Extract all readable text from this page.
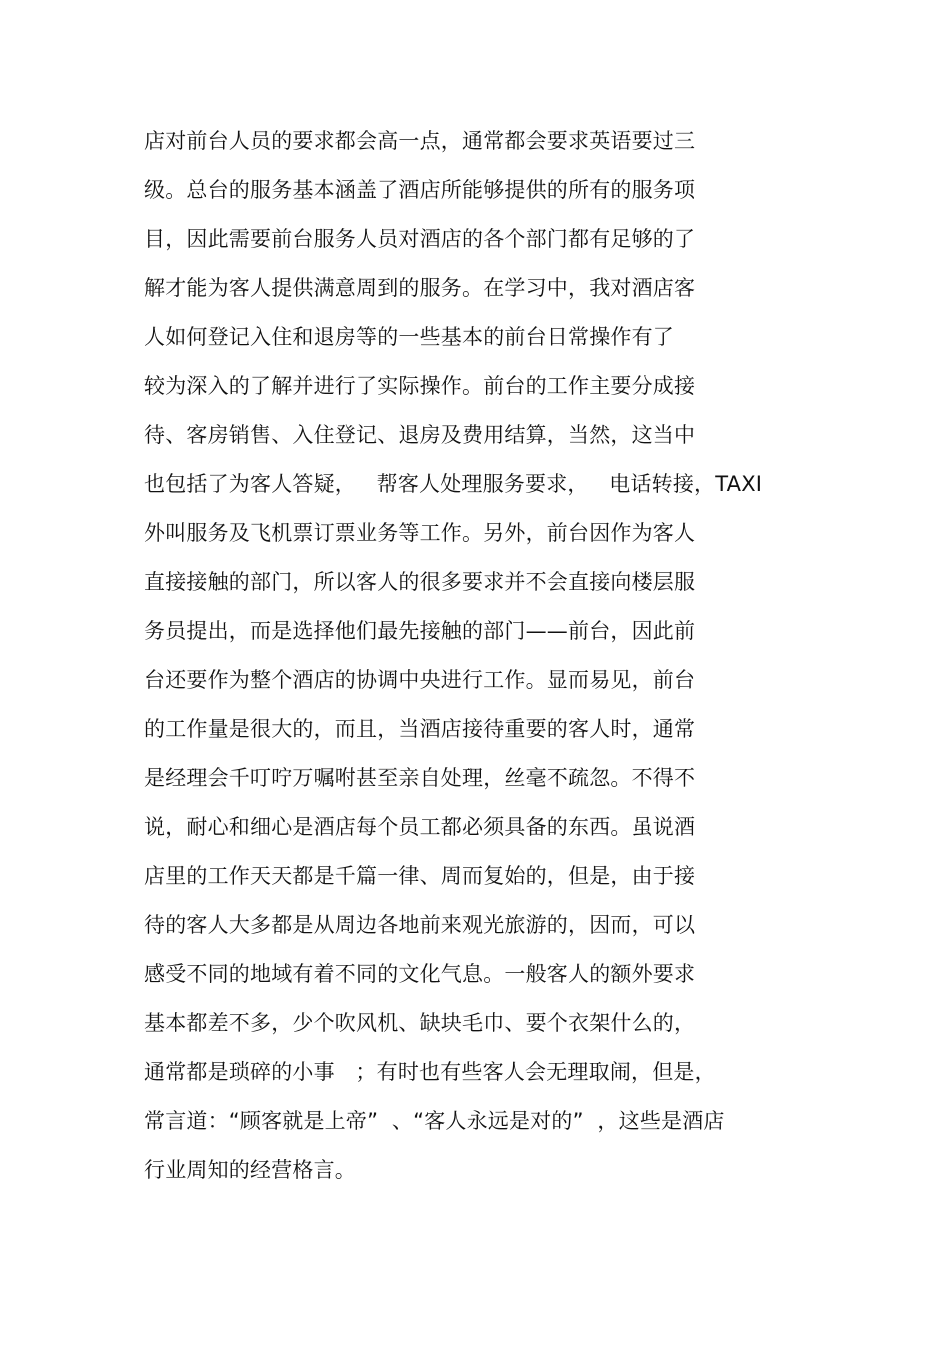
店对前台人员的要求都会高一点，通常都会要求英语要过三
级。总台的服务基本涵盖了酒店所能够提供的所有的服务项
目，因此需要前台服务人员对酒店的各个部门都有足够的了
解才能为客人提供满意周到的服务。在学习中，我对酒店客
人如何登记入住和退房等的一些基本的前台日常操作有了
较为深入的了解并进行了实际操作。前台的工作主要分成接
待、客房销售、入住登记、退房及费用结算，当然，这当中
也包括了为客人答疑，   帮客人处理服务要求，   电话转接，TAXI
外叫服务及飞机票订票业务等工作。另外，前台因作为客人
直接接触的部门，所以客人的很多要求并不会直接向楼层服
务员提出，而是选择他们最先接触的部门——前台，因此前
台还要作为整个酒店的协调中央进行工作。显而易见，前台
的工作量是很大的，而且，当酒店接待重要的客人时，通常
是经理会千叮咛万嘱咐甚至亲自处理，丝毫不疏忽。不得不
说，耐心和细心是酒店每个员工都必须具备的东西。虽说酒
店里的工作天天都是千篇一律、周而复始的，但是，由于接
待的客人大多都是从周边各地前来观光旅游的，因而，可以
感受不同的地域有着不同的文化气息。一般客人的额外要求
基本都差不多，少个吹风机、缺块毛巾、要个衣架什么的，
通常都是琐碎的小事   ；有时也有些客人会无理取闹，但是，
常言道：“顾客就是上帝”  、“客人永远是对的”  ，这些是酒店
行业周知的经营格言。
